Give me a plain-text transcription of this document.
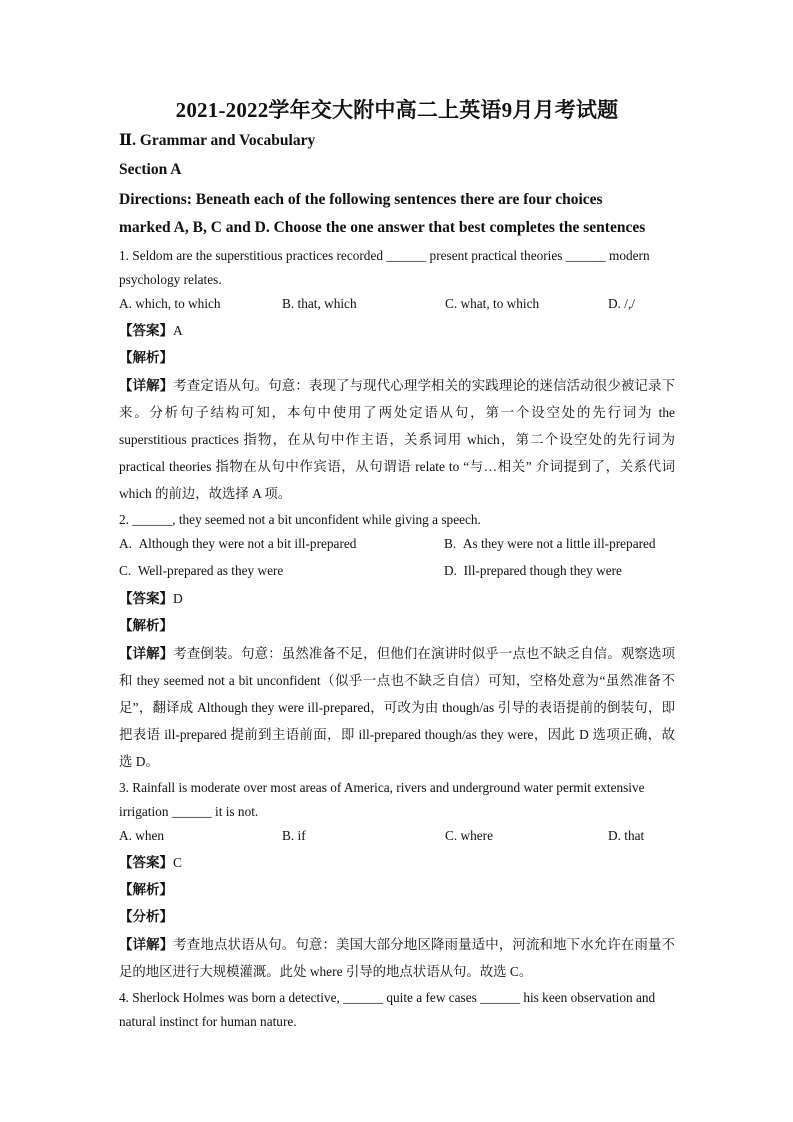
2021-2022学年交大附中高二上英语9月月考试题
Ⅱ. Grammar and Vocabulary
Section A
Directions: Beneath each of the following sentences there are four choices
marked A, B, C and D. Choose the one answer that best completes the sentences

1. Seldom are the superstitious practices recorded ______ present practical theories ______ modern psychology relates.

A. which, to which	B. that, which	C. what, to which	D. /,/

【答案】A

【解析】

【详解】考查定语从句。句意：表现了与现代心理学相关的实践理论的迷信活动很少被记录下来。分析句子结构可知，本句中使用了两处定语从句，第一个设空处的先行词为 the superstitious practices 指物，在从句中作主语，关系词用 which，第二个设空处的先行词为 practical theories 指物在从句中作宾语，从句谓语 relate to “与…相关” 介词提到了，关系代词 which 的前边，故选择 A 项。

2. ______, they seemed not a bit unconfident while giving a speech.

A.  Although they were not a bit ill-prepared	B.  As they were not a little ill-prepared
C.  Well-prepared as they were	D.  Ill-prepared though they were

【答案】D

【解析】

【详解】考查倒装。句意：虽然准备不足，但他们在演讲时似乎一点也不缺乏自信。观察选项和 they seemed not a bit unconfident（似乎一点也不缺乏自信）可知，空格处意为“虽然准备不足”，翻译成 Although they were ill-prepared，可改为由 though/as 引导的表语提前的倒装句，即把表语 ill-prepared 提前到主语前面，即 ill-prepared though/as they were，因此 D 选项正确，故选 D。

3. Rainfall is moderate over most areas of America, rivers and underground water permit extensive irrigation ______ it is not.

A. when	B. if	C. where	D. that

【答案】C

【解析】

【分析】

【详解】考查地点状语从句。句意：美国大部分地区降雨量适中，河流和地下水允许在雨量不足的地区进行大规模灌溉。此处 where 引导的地点状语从句。故选 C。

4. Sherlock Holmes was born a detective, ______ quite a few cases ______ his keen observation and natural instinct for human nature.
